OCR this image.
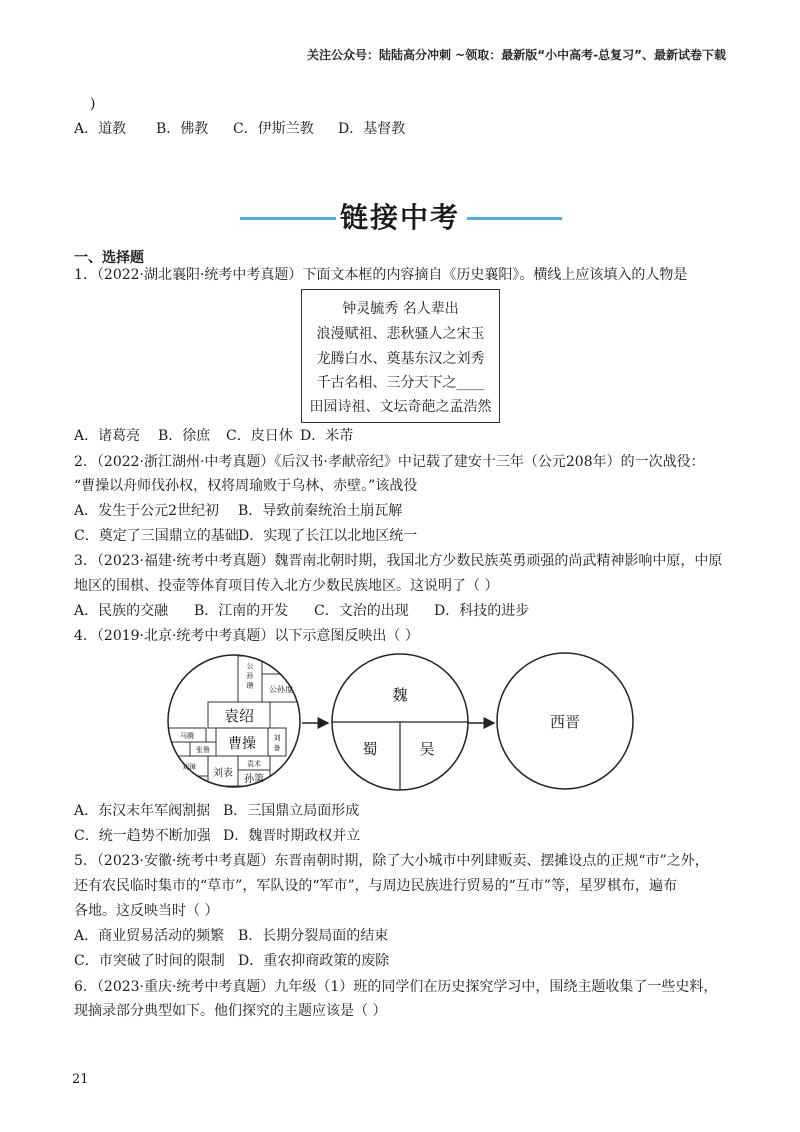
关注公众号：陆陆高分冲刺 ~领取：最新版“小中高考-总复习”、最新试卷下载
)
A．道教 B．佛教 C．伊斯兰教 D．基督教
链接中考
一、选择题
1．（2022·湖北襄阳·统考中考真题）下面文本框的内容摘自《历史襄阳》。横线上应该填入的人物是
钟灵毓秀 名人辈出
浪漫赋祖、悲秋骚人之宋玉
龙腾白水、奠基东汉之刘秀
千古名相、三分天下之____
田园诗祖、文坛奇葩之孟浩然
A．诸葛亮 B．徐庶 C．皮日休 D．米芾
2．（2022·浙江湖州·中考真题）《后汉书·孝献帝纪》中记载了建安十三年（公元208年）的一次战役：
“曹操以舟师伐孙权，权将周瑜败于乌林、赤壁。”该战役
A．发生于公元2世纪初 B．导致前秦统治土崩瓦解
C．奠定了三国鼎立的基础 D．实现了长江以北地区统一
3．（2023·福建·统考中考真题）魏晋南北朝时期，我国北方少数民族英勇顽强的尚武精神影响中原，中原
地区的围棋、投壶等体育项目传入北方少数民族地区。这说明了（ ）
A．民族的交融 B．江南的开发 C．文治的出现 D．科技的进步
4．（2019·北京·统考中考真题）以下示意图反映出（ ）
公
孙
瓒 公孙度
袁绍
马腾
张鲁 曹操	刘
备
刘璋
刘表
袁术
孙策
魏
蜀	吴
西晋
A．东汉末年军阀割据 B．三国鼎立局面形成
C．统一趋势不断加强 D．魏晋时期政权并立
5．（2023·安徽·统考中考真题）东晋南朝时期，除了大小城市中列肆贩卖、摆摊设点的正规“市”之外，
还有农民临时集市的“草市”，军队设的“军市”，与周边民族进行贸易的“互市”等，星罗棋布，遍布
各地。这反映当时（ ）
A．商业贸易活动的频繁 B．长期分裂局面的结束
C．市突破了时间的限制 D．重农抑商政策的废除
6．（2023·重庆·统考中考真题）九年级（1）班的同学们在历史探究学习中，围绕主题收集了一些史料，
现摘录部分典型如下。他们探究的主题应该是（ ）
21
